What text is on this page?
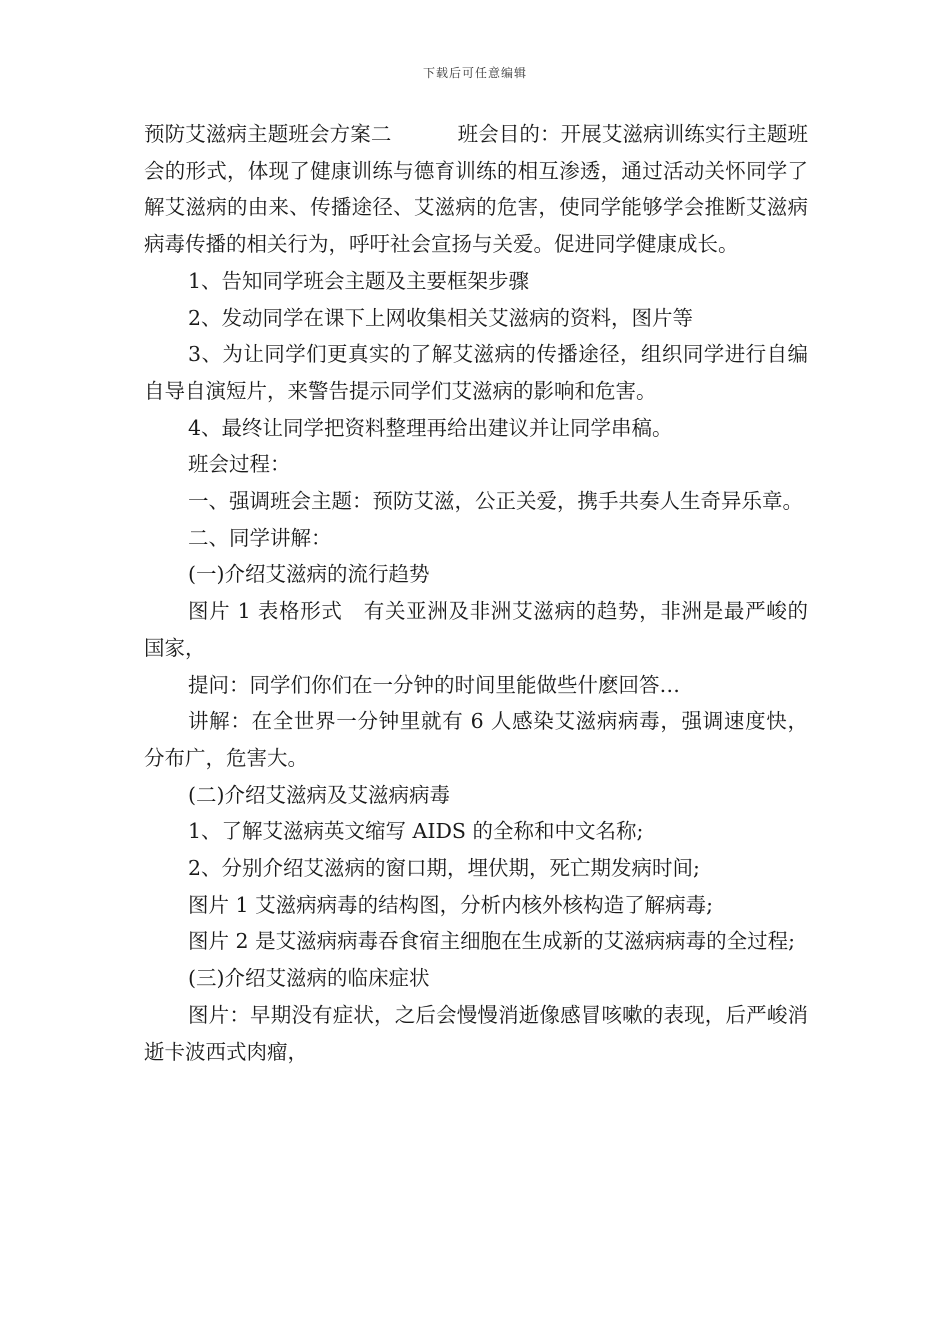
下载后可任意编辑

预防艾滋病主题班会方案二	班会目的：开展艾滋病训练实行主题班会的形式，体现了健康训练与德育训练的相互渗透，通过活动关怀同学了解艾滋病的由来、传播途径、艾滋病的危害，使同学能够学会推断艾滋病病毒传播的相关行为，呼吁社会宣扬与关爱。促进同学健康成长。

1、告知同学班会主题及主要框架步骤

2、发动同学在课下上网收集相关艾滋病的资料，图片等

3、为让同学们更真实的了解艾滋病的传播途径，组织同学进行自编自导自演短片，来警告提示同学们艾滋病的影响和危害。

4、最终让同学把资料整理再给出建议并让同学串稿。

班会过程：

一、强调班会主题：预防艾滋，公正关爱，携手共奏人生奇异乐章。

二、同学讲解：

(一)介绍艾滋病的流行趋势

图片 1 表格形式　有关亚洲及非洲艾滋病的趋势，非洲是最严峻的国家，

提问：同学们你们在一分钟的时间里能做些什麽回答…

讲解：在全世界一分钟里就有 6 人感染艾滋病病毒，强调速度快，分布广，危害大。

(二)介绍艾滋病及艾滋病病毒

1、了解艾滋病英文缩写 AIDS 的全称和中文名称;

2、分别介绍艾滋病的窗口期，埋伏期，死亡期发病时间;

图片 1 艾滋病病毒的结构图，分析内核外核构造了解病毒;

图片 2 是艾滋病病毒吞食宿主细胞在生成新的艾滋病病毒的全过程;

(三)介绍艾滋病的临床症状

图片：早期没有症状，之后会慢慢消逝像感冒咳嗽的表现，后严峻消逝卡波西式肉瘤，
